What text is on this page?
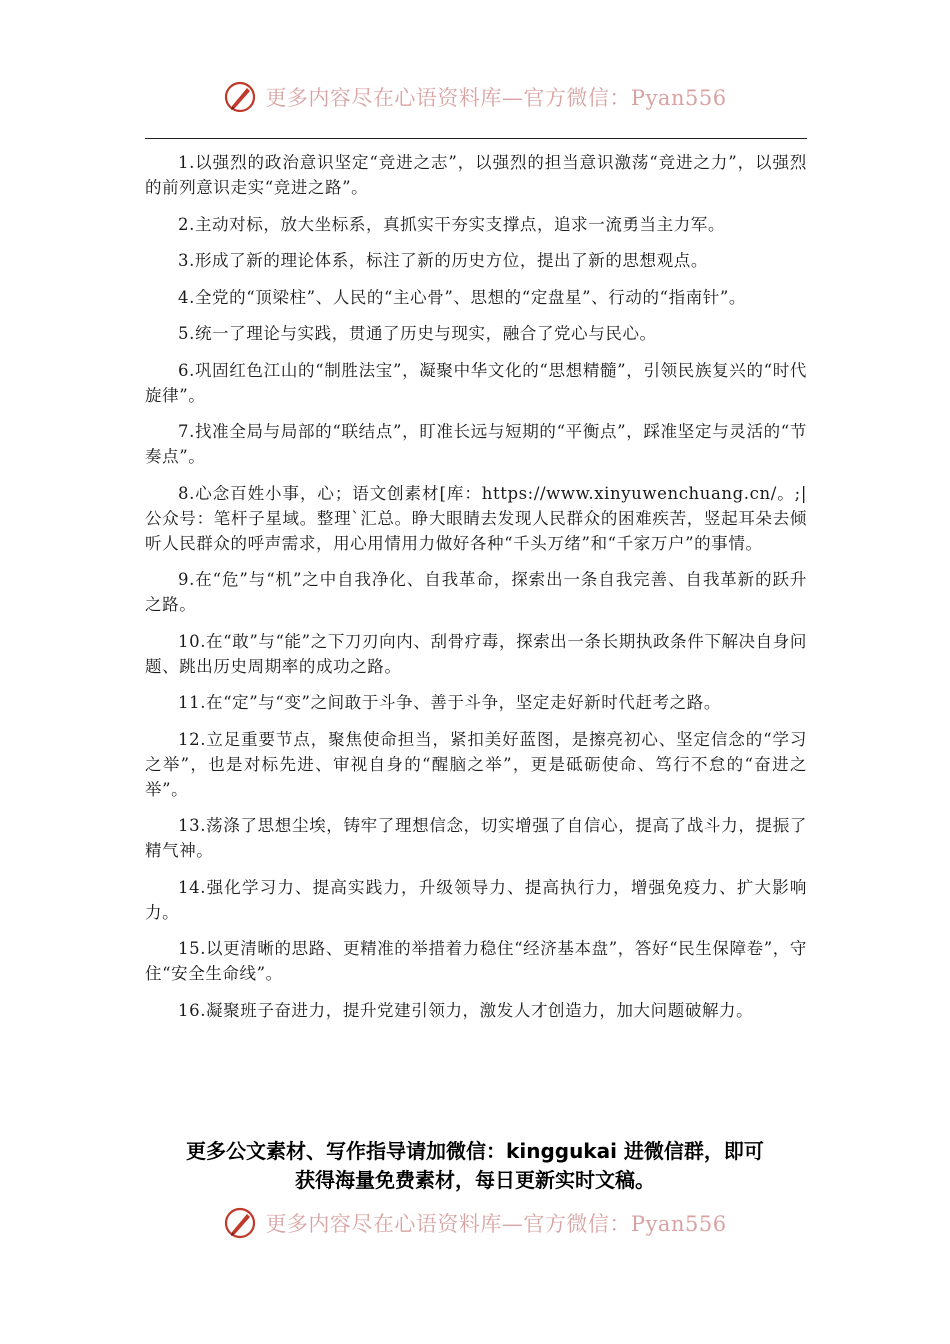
更多内容尽在心语资料库—官方微信：Pyan556

1.以强烈的政治意识坚定“竞进之志”，以强烈的担当意识激荡“竞进之力”，以强烈的前列意识走实“竞进之路”。

2.主动对标，放大坐标系，真抓实干夯实支撑点，追求一流勇当主力军。

3.形成了新的理论体系，标注了新的历史方位，提出了新的思想观点。

4.全党的“顶梁柱”、人民的“主心骨”、思想的“定盘星”、行动的“指南针”。

5.统一了理论与实践，贯通了历史与现实，融合了党心与民心。

6.巩固红色江山的“制胜法宝”，凝聚中华文化的“思想精髓”，引领民族复兴的“时代旋律”。

7.找准全局与局部的“联结点”，盯准长远与短期的“平衡点”，踩准坚定与灵活的“节奏点”。

8.心念百姓小事，心；语文创素材[库：https://www.xinyuwenchuang.cn/。;|公众号：笔杆子星域。整理`汇总。睁大眼睛去发现人民群众的困难疾苦，竖起耳朵去倾听人民群众的呼声需求，用心用情用力做好各种“千头万绪”和“千家万户”的事情。

9.在“危”与“机”之中自我净化、自我革命，探索出一条自我完善、自我革新的跃升之路。

10.在“敢”与“能”之下刀刃向内、刮骨疗毒，探索出一条长期执政条件下解决自身问题、跳出历史周期率的成功之路。

11.在“定”与“变”之间敢于斗争、善于斗争，坚定走好新时代赶考之路。

12.立足重要节点，聚焦使命担当，紧扣美好蓝图，是擦亮初心、坚定信念的“学习之举”，也是对标先进、审视自身的“醒脑之举”，更是砥砺使命、笃行不怠的“奋进之举”。

13.荡涤了思想尘埃，铸牢了理想信念，切实增强了自信心，提高了战斗力，提振了精气神。

14.强化学习力、提高实践力，升级领导力、提高执行力，增强免疫力、扩大影响力。

15.以更清晰的思路、更精准的举措着力稳住“经济基本盘”，答好“民生保障卷”，守住“安全生命线”。

16.凝聚班子奋进力，提升党建引领力，激发人才创造力，加大问题破解力。

更多公文素材、写作指导请加微信：kinggukai 进微信群，即可
获得海量免费素材，每日更新实时文稿。
更多内容尽在心语资料库—官方微信：Pyan556
